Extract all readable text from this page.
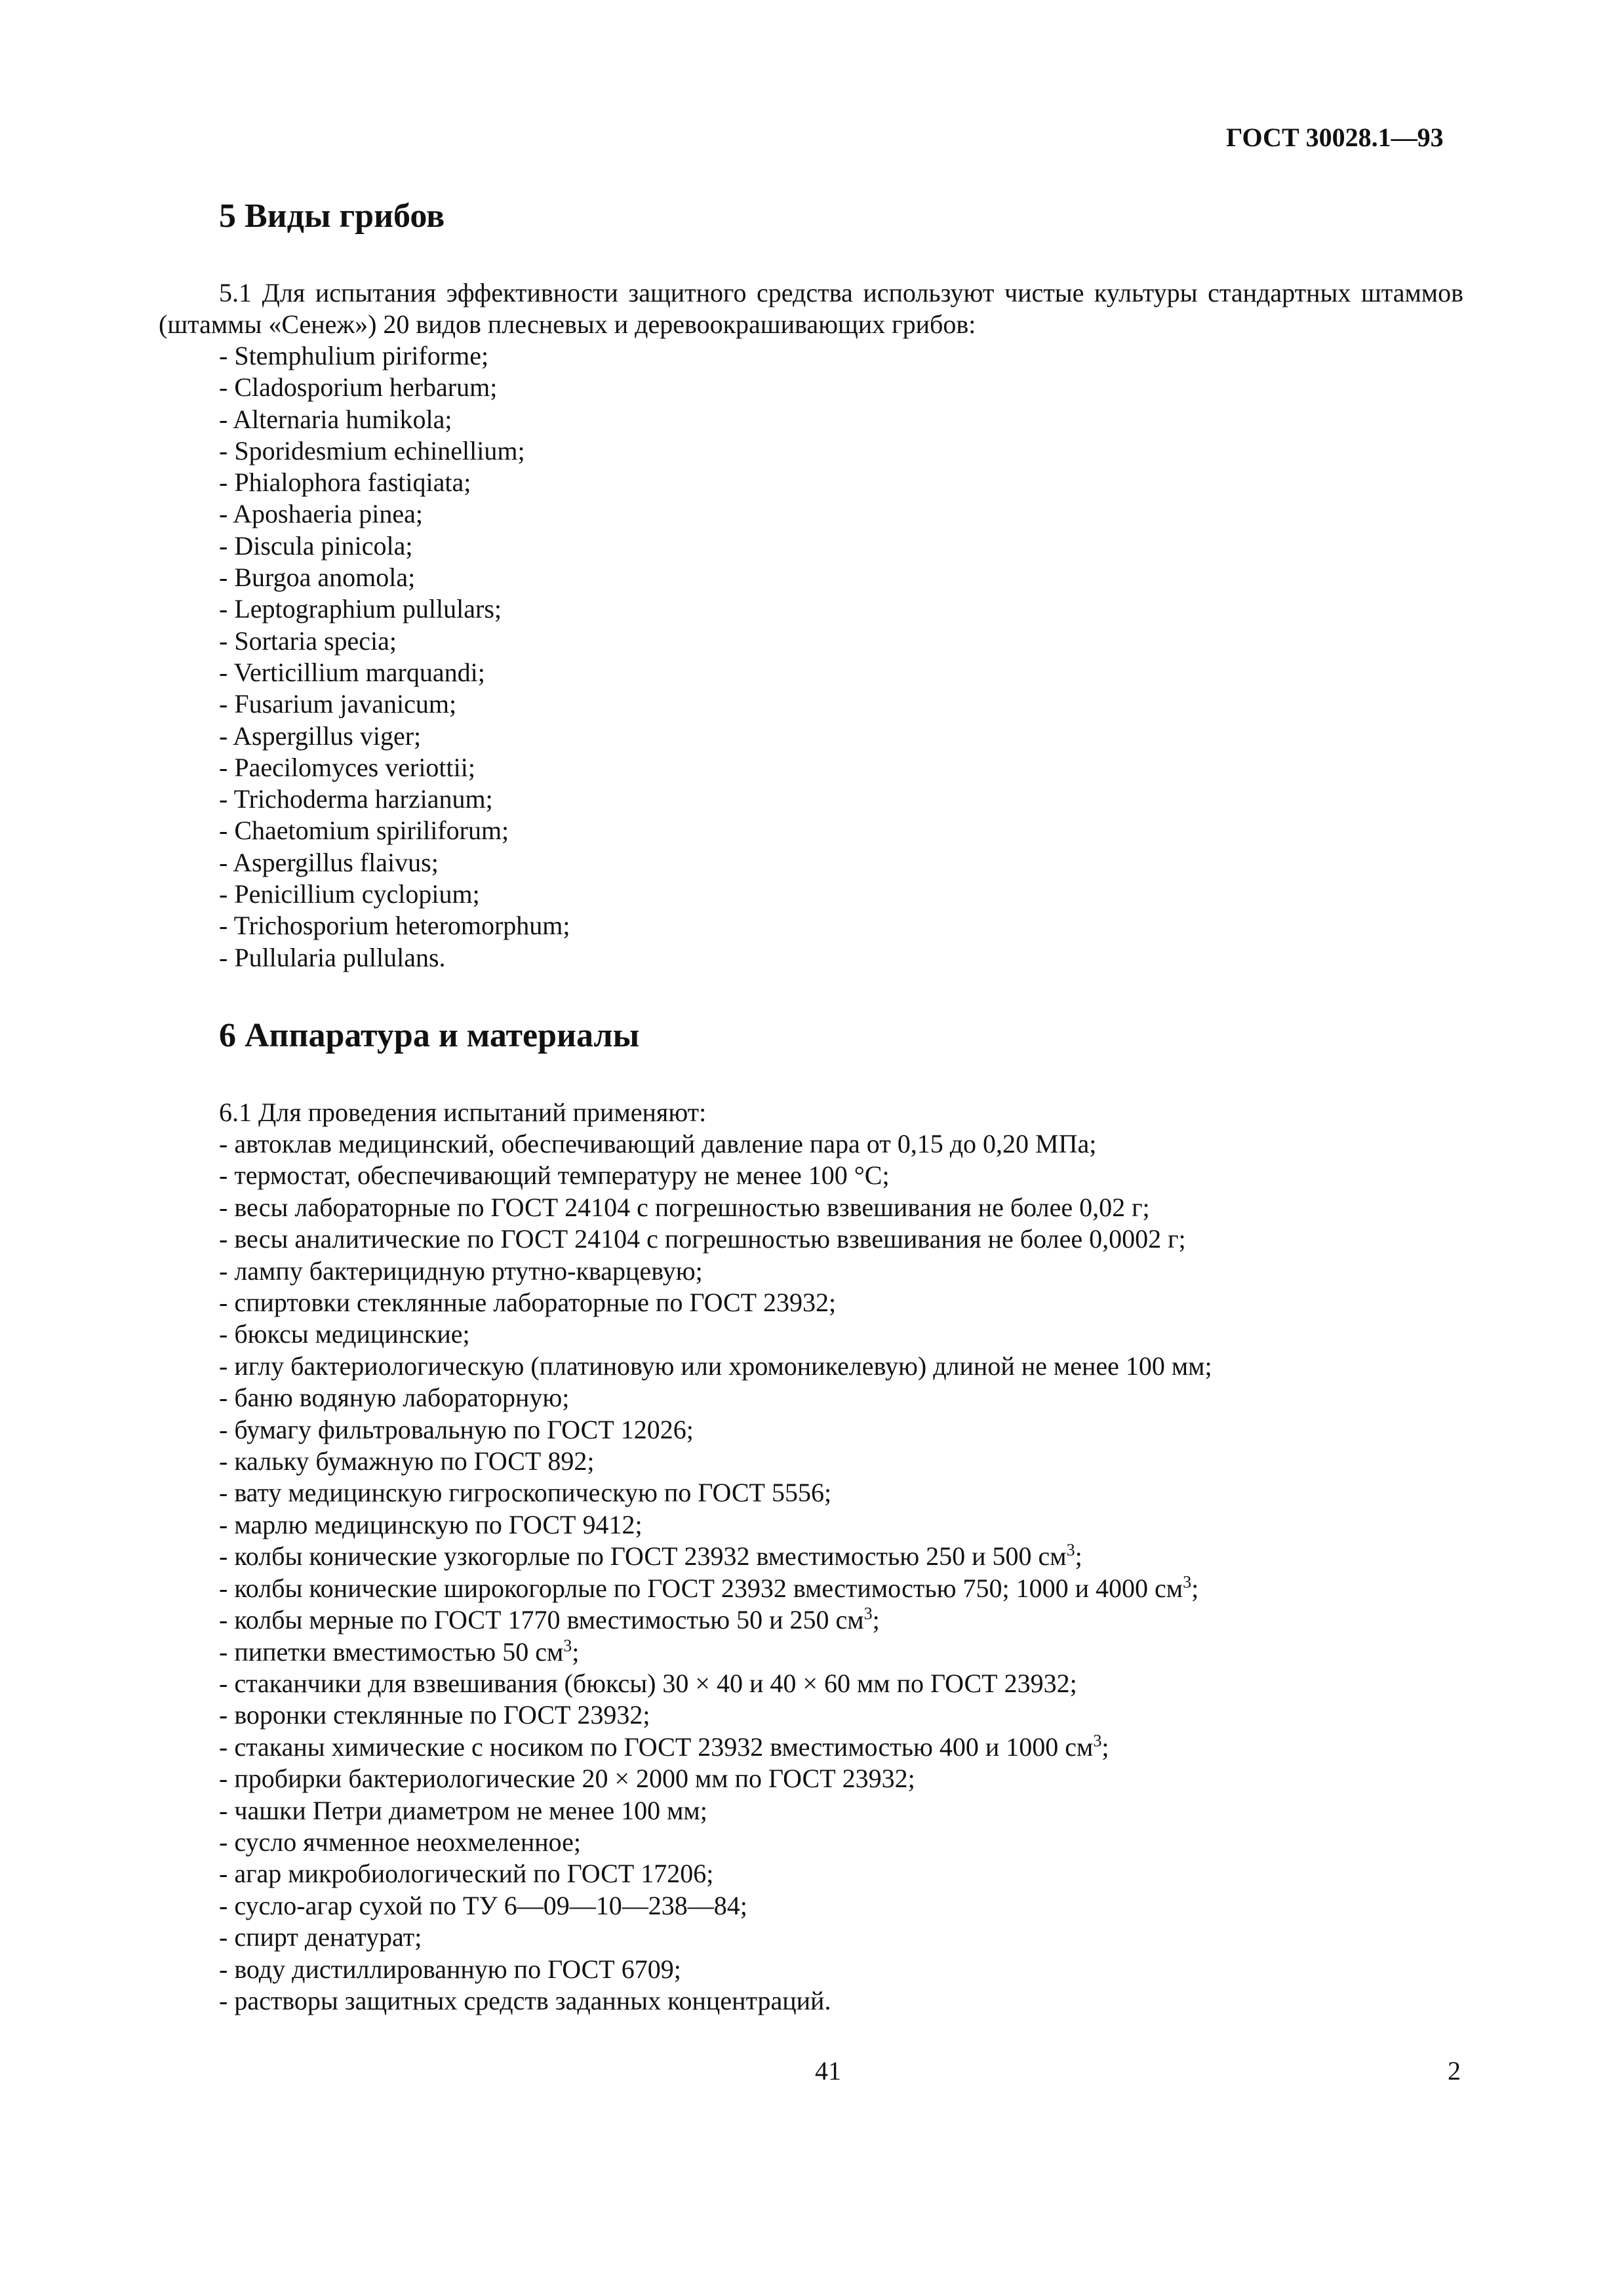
ГОСТ 30028.1—93
5 Виды грибов
5.1 Для испытания эффективности защитного средства используют чистые культуры стандартных штаммов (штаммы «Сенеж») 20 видов плесневых и деревоокрашивающих грибов:
- Stemphulium piriforme;
- Cladosporium herbarum;
- Alternaria humikola;
- Sporidesmium echinellium;
- Phialophora fastiqiata;
- Aposhaeria pinea;
- Discula pinicola;
- Burgoa anomola;
- Leptographium pullulars;
- Sortaria specia;
- Verticillium marquandi;
- Fusarium javanicum;
- Aspergillus viger;
- Paecilomyces veriottii;
- Trichoderma harzianum;
- Chaetomium spiriliforum;
- Aspergillus flaivus;
- Penicillium cyclopium;
- Trichosporium heteromorphum;
- Pullularia pullulans.
6 Аппаратура и материалы
6.1 Для проведения испытаний применяют:
- автоклав медицинский, обеспечивающий давление пара от 0,15 до 0,20 МПа;
- термостат, обеспечивающий температуру не менее 100 °С;
- весы лабораторные по ГОСТ 24104 с погрешностью взвешивания не более 0,02 г;
- весы аналитические по ГОСТ 24104 с погрешностью взвешивания не более 0,0002 г;
- лампу бактерицидную ртутно-кварцевую;
- спиртовки стеклянные лабораторные по ГОСТ 23932;
- бюксы медицинские;
- иглу бактериологическую (платиновую или хромоникелевую) длиной не менее 100 мм;
- баню водяную лабораторную;
- бумагу фильтровальную по ГОСТ 12026;
- кальку бумажную по ГОСТ 892;
- вату медицинскую гигроскопическую по ГОСТ 5556;
- марлю медицинскую по ГОСТ 9412;
- колбы конические узкогорлые по ГОСТ 23932 вместимостью 250 и 500 $см^3$;
- колбы конические широкогорлые по ГОСТ 23932 вместимостью 750; 1000 и 4000 $см^3$;
- колбы мерные по ГОСТ 1770 вместимостью 50 и 250 $см^3$;
- пипетки вместимостью 50 $см^3$;
- стаканчики для взвешивания (бюксы) 30 × 40 и 40 × 60 мм по ГОСТ 23932;
- воронки стеклянные по ГОСТ 23932;
- стаканы химические с носиком по ГОСТ 23932 вместимостью 400 и 1000 $см^3$;
- пробирки бактериологические 20 × 2000 мм по ГОСТ 23932;
- чашки Петри диаметром не менее 100 мм;
- сусло ячменное неохмеленное;
- агар микробиологический по ГОСТ 17206;
- сусло-агар сухой по ТУ 6—09—10—238—84;
- спирт денатурат;
- воду дистиллированную по ГОСТ 6709;
- растворы защитных средств заданных концентраций.
41	2
